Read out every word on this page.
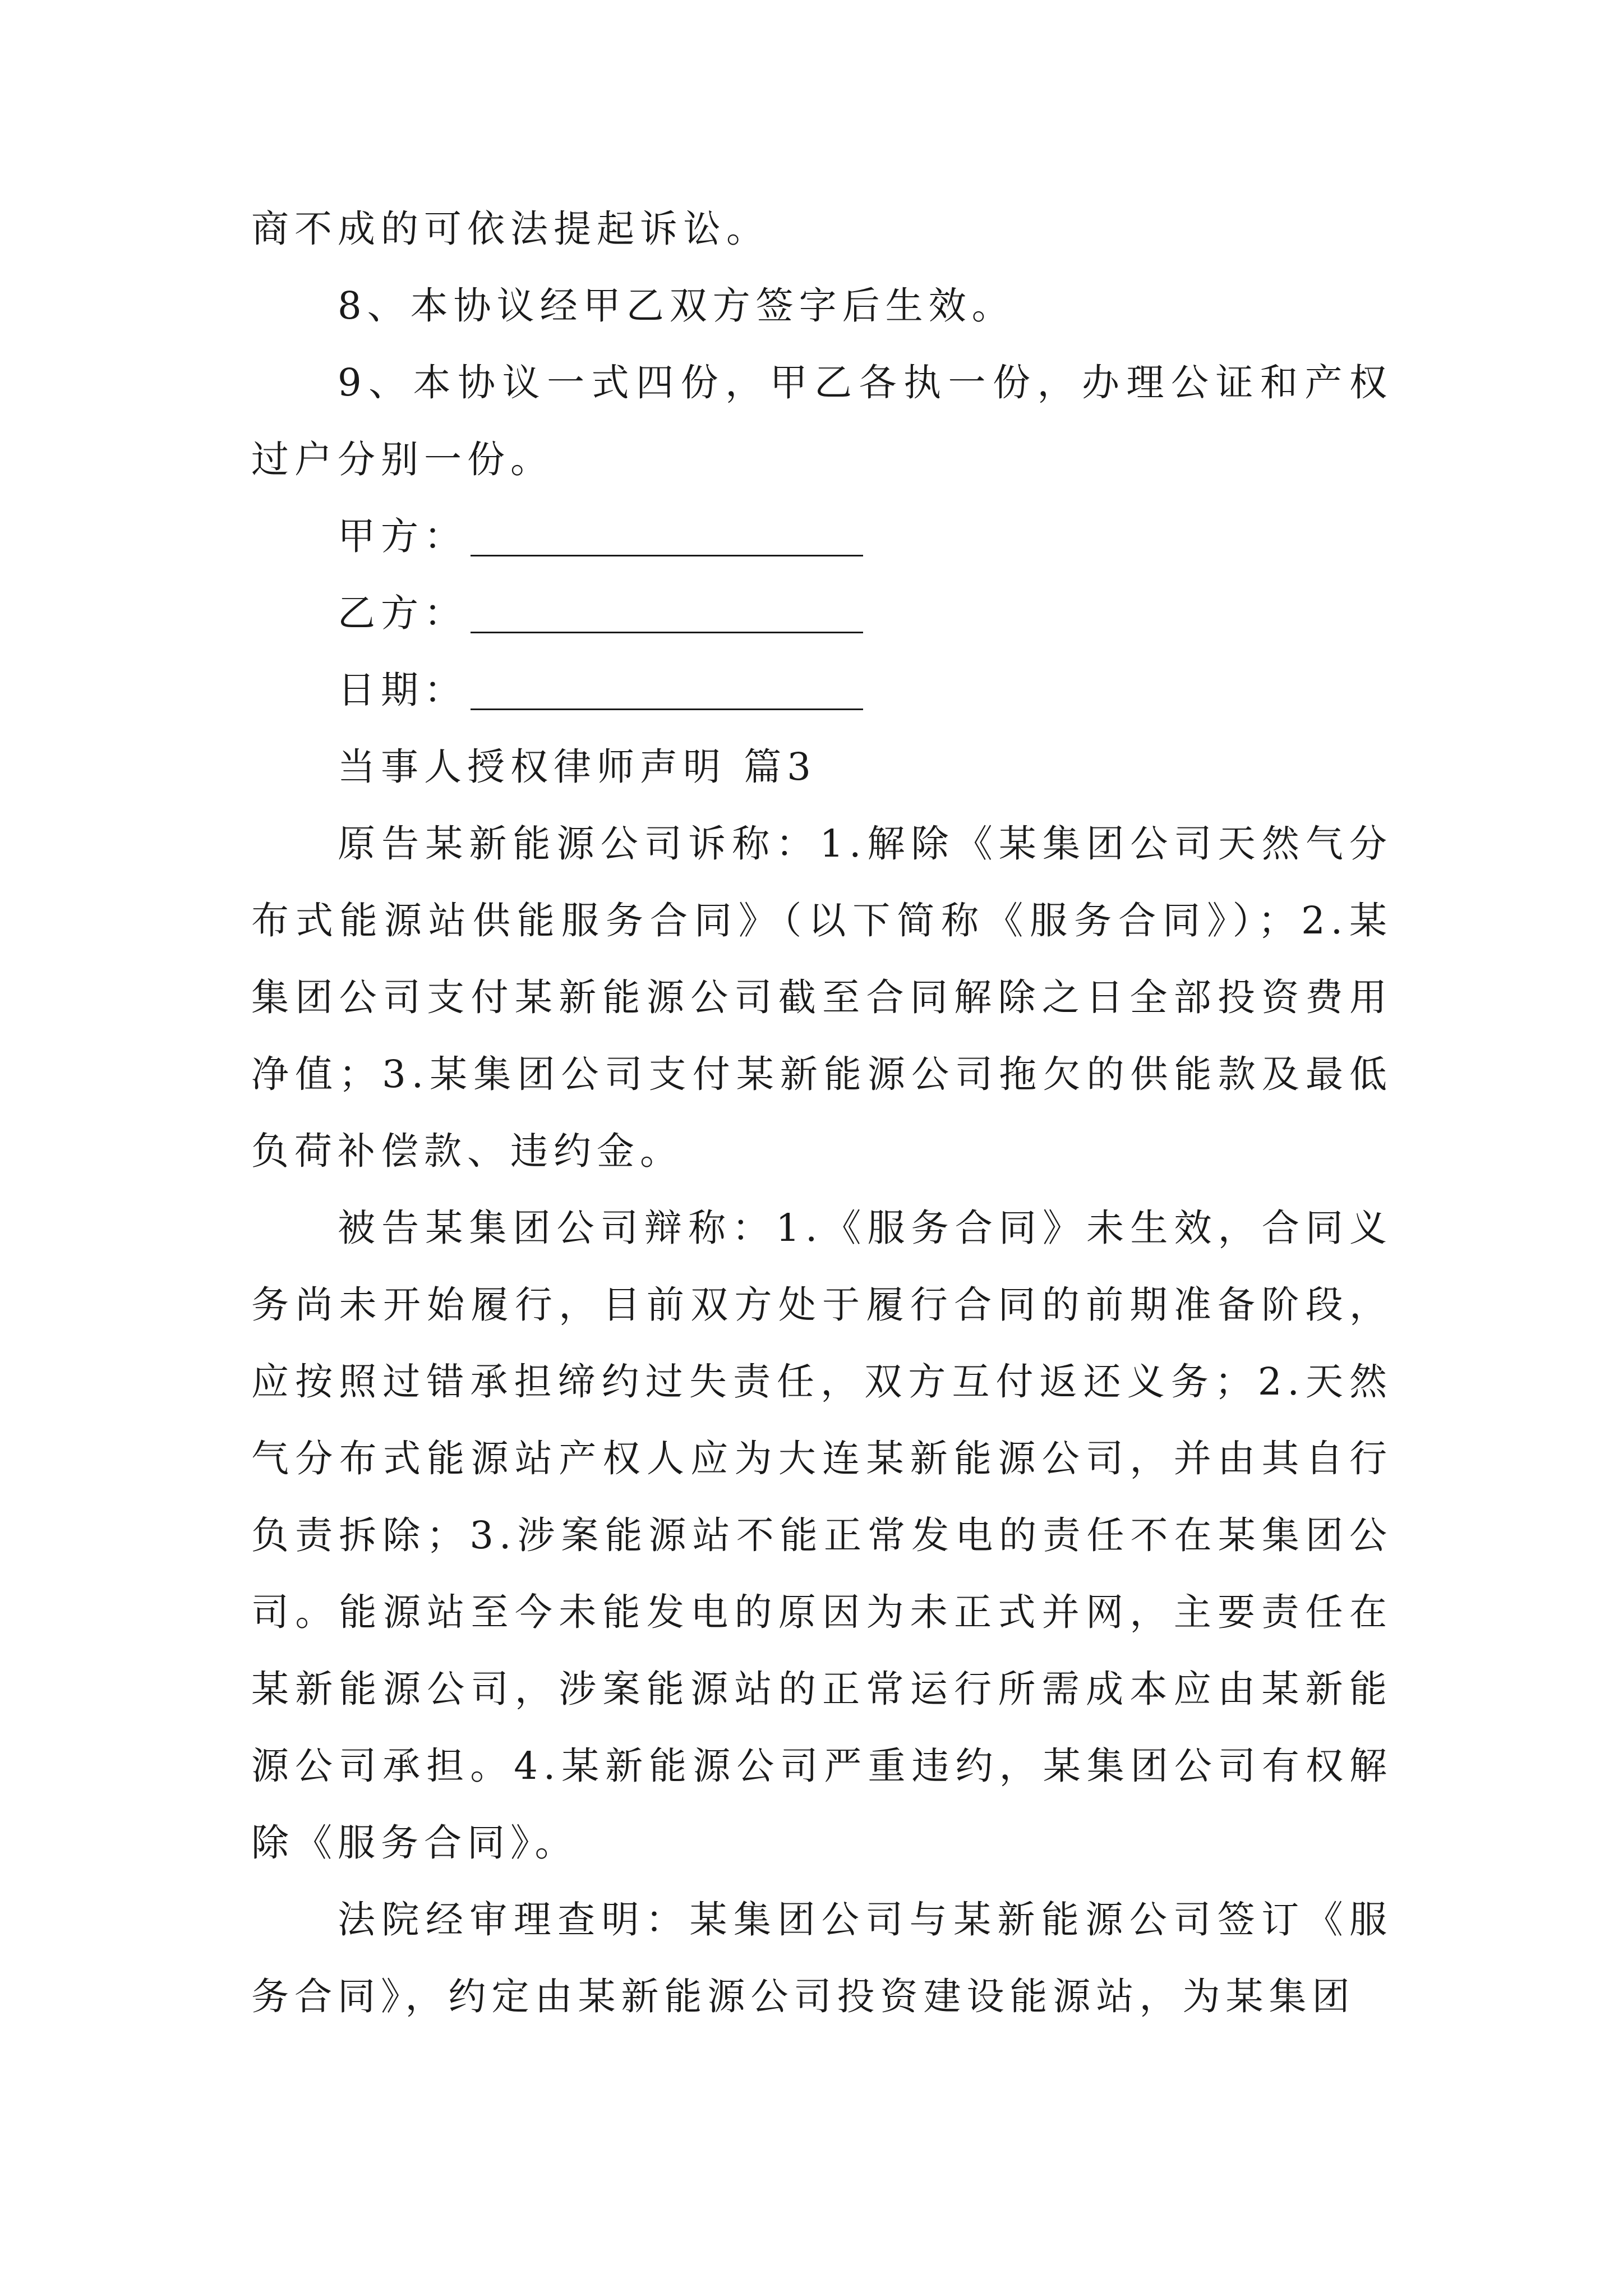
商不成的可依法提起诉讼。

8、本协议经甲乙双方签字后生效。

9、本协议一式四份，甲乙各执一份，办理公证和产权过户分别一份。

甲方：
乙方：
日期：

当事人授权律师声明 篇3

原告某新能源公司诉称：1.解除《某集团公司天然气分布式能源站供能服务合同》（以下简称《服务合同》）；2.某集团公司支付某新能源公司截至合同解除之日全部投资费用净值；3.某集团公司支付某新能源公司拖欠的供能款及最低负荷补偿款、违约金。

被告某集团公司辩称：1.《服务合同》未生效，合同义务尚未开始履行，目前双方处于履行合同的前期准备阶段，应按照过错承担缔约过失责任，双方互付返还义务；2.天然气分布式能源站产权人应为大连某新能源公司，并由其自行负责拆除；3.涉案能源站不能正常发电的责任不在某集团公司。能源站至今未能发电的原因为未正式并网，主要责任在某新能源公司，涉案能源站的正常运行所需成本应由某新能源公司承担。4.某新能源公司严重违约，某集团公司有权解除《服务合同》。

法院经审理查明：某集团公司与某新能源公司签订《服务合同》，约定由某新能源公司投资建设能源站，为某集团
